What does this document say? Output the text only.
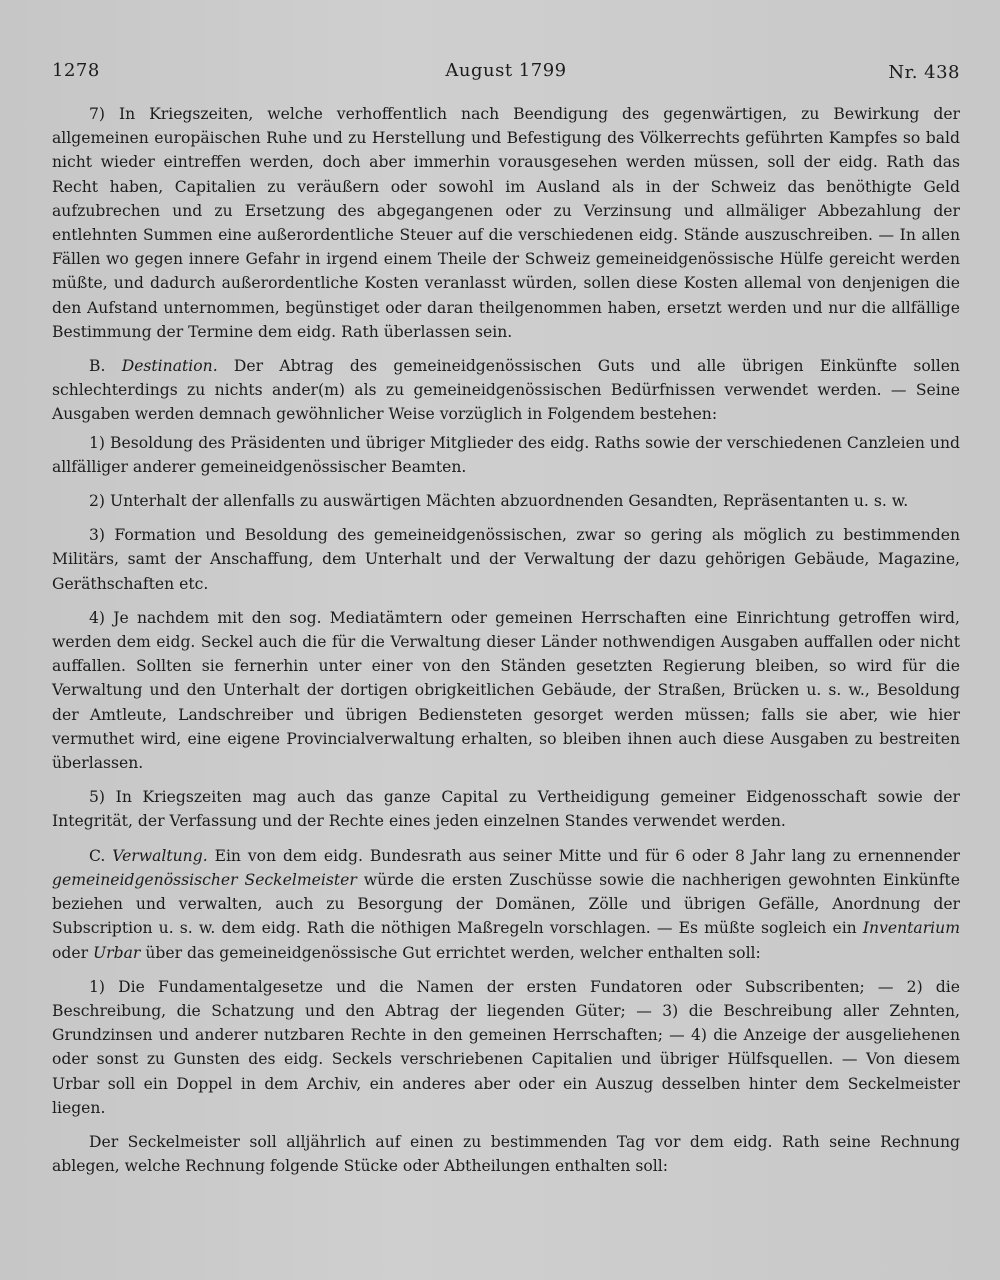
1278	August 1799	Nr. 438

7) In Kriegszeiten, welche verhoffentlich nach Beendigung des gegenwärtigen, zu Bewirkung der allgemeinen europäischen Ruhe und zu Herstellung und Befestigung des Völkerrechts geführten Kampfes so bald nicht wieder eintreffen werden, doch aber immerhin vorausgesehen werden müssen, soll der eidg. Rath das Recht haben, Capitalien zu veräußern oder sowohl im Ausland als in der Schweiz das benöthigte Geld aufzubrechen und zu Ersetzung des abgegangenen oder zu Verzinsung und allmäliger Abbezahlung der entlehnten Summen eine außerordentliche Steuer auf die verschiedenen eidg. Stände auszuschreiben. — In allen Fällen wo gegen innere Gefahr in irgend einem Theile der Schweiz gemeineidgenössische Hülfe gereicht werden müßte, und dadurch außerordentliche Kosten veranlasst würden, sollen diese Kosten allemal von denjenigen die den Aufstand unternommen, begünstiget oder daran theilgenommen haben, ersetzt werden und nur die allfällige Bestimmung der Termine dem eidg. Rath überlassen sein.

B. Destination. Der Abtrag des gemeineidgenössischen Guts und alle übrigen Einkünfte sollen schlechterdings zu nichts ander(m) als zu gemeineidgenössischen Bedürfnissen verwendet werden. — Seine Ausgaben werden demnach gewöhnlicher Weise vorzüglich in Folgendem bestehen:

1) Besoldung des Präsidenten und übriger Mitglieder des eidg. Raths sowie der verschiedenen Canzleien und allfälliger anderer gemeineidgenössischer Beamten.

2) Unterhalt der allenfalls zu auswärtigen Mächten abzuordnenden Gesandten, Repräsentanten u. s. w.

3) Formation und Besoldung des gemeineidgenössischen, zwar so gering als möglich zu bestimmenden Militärs, samt der Anschaffung, dem Unterhalt und der Verwaltung der dazu gehörigen Gebäude, Magazine, Geräthschaften etc.

4) Je nachdem mit den sog. Mediatämtern oder gemeinen Herrschaften eine Einrichtung getroffen wird, werden dem eidg. Seckel auch die für die Verwaltung dieser Länder nothwendigen Ausgaben auffallen oder nicht auffallen. Sollten sie fernerhin unter einer von den Ständen gesetzten Regierung bleiben, so wird für die Verwaltung und den Unterhalt der dortigen obrigkeitlichen Gebäude, der Straßen, Brücken u. s. w., Besoldung der Amtleute, Landschreiber und übrigen Bediensteten gesorget werden müssen; falls sie aber, wie hier vermuthet wird, eine eigene Provincialverwaltung erhalten, so bleiben ihnen auch diese Ausgaben zu bestreiten überlassen.

5) In Kriegszeiten mag auch das ganze Capital zu Vertheidigung gemeiner Eidgenosschaft sowie der Integrität, der Verfassung und der Rechte eines jeden einzelnen Standes verwendet werden.

C. Verwaltung. Ein von dem eidg. Bundesrath aus seiner Mitte und für 6 oder 8 Jahr lang zu ernennender gemeineidgenössischer Seckelmeister würde die ersten Zuschüsse sowie die nachherigen gewohnten Einkünfte beziehen und verwalten, auch zu Besorgung der Domänen, Zölle und übrigen Gefälle, Anordnung der Subscription u. s. w. dem eidg. Rath die nöthigen Maßregeln vorschlagen. — Es müßte sogleich ein Inventarium oder Urbar über das gemeineidgenössische Gut errichtet werden, welcher enthalten soll:

1) Die Fundamentalgesetze und die Namen der ersten Fundatoren oder Subscribenten; — 2) die Beschreibung, die Schatzung und den Abtrag der liegenden Güter; — 3) die Beschreibung aller Zehnten, Grundzinsen und anderer nutzbaren Rechte in den gemeinen Herrschaften; — 4) die Anzeige der ausgeliehenen oder sonst zu Gunsten des eidg. Seckels verschriebenen Capitalien und übriger Hülfsquellen. — Von diesem Urbar soll ein Doppel in dem Archiv, ein anderes aber oder ein Auszug desselben hinter dem Seckelmeister liegen.

Der Seckelmeister soll alljährlich auf einen zu bestimmenden Tag vor dem eidg. Rath seine Rechnung ablegen, welche Rechnung folgende Stücke oder Abtheilungen enthalten soll:
